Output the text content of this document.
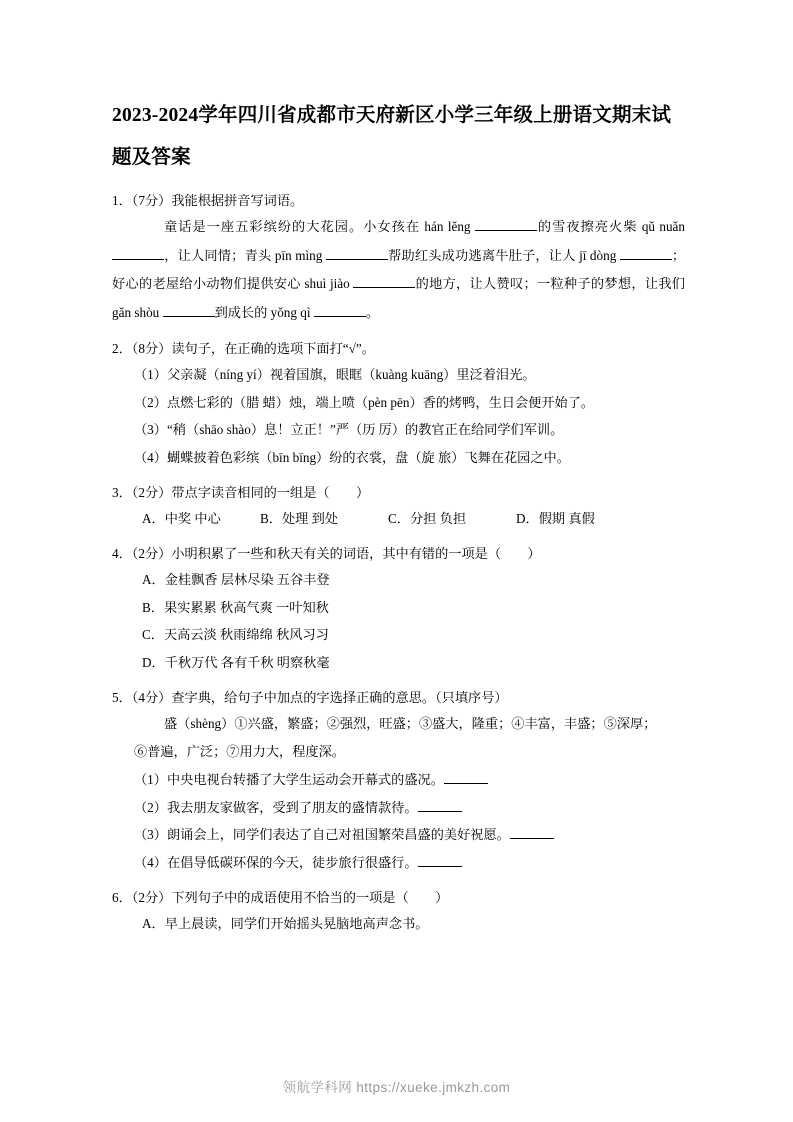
2023-2024学年四川省成都市天府新区小学三年级上册语文期末试题及答案
1．（7分）我能根据拼音写词语。
童话是一座五彩缤纷的大花园。小女孩在 hán lěng	的雪夜擦亮火柴 qǔ nuǎn ，让人同情；青头 pīn mìng	帮助红头成功逃离牛肚子，让人 jī dòng	；好心的老屋给小动物们提供安心 shuì jiào	的地方，让人赞叹；一粒种子的梦想，让我们gǎn shòu	到成长的 yǒng qì	。
2．（8分）读句子，在正确的选项下面打“√”。
（1）父亲凝（níng yí）视着国旗，眼眶（kuàng kuāng）里泛着泪光。
（2）点燃七彩的（腊 蜡）烛，端上喷（pèn pēn）香的烤鸭，生日会便开始了。
（3）“稍（shāo shào）息！立正！”严（历 厉）的教官正在给同学们军训。
（4）蝴蝶披着色彩缤（bīn bīng）纷的衣裳，盘（旋 旅）飞舞在花园之中。
3．（2分）带点字读音相同的一组是（　　）
A．中奖 中心	B．处理 到处	C．分担 负担	D．假期 真假
4．（2分）小明积累了一些和秋天有关的词语，其中有错的一项是（　　）
A．金桂飘香 层林尽染 五谷丰登
B．果实累累 秋高气爽 一叶知秋
C．天高云淡 秋雨绵绵 秋风习习
D．千秋万代 各有千秋 明察秋毫
5．（4分）查字典，给句子中加点的字选择正确的意思。（只填序号）
盛（shèng）①兴盛，繁盛；②强烈，旺盛；③盛大，隆重；④丰富，丰盛；⑤深厚；
⑥普遍，广泛；⑦用力大，程度深。
（1）中央电视台转播了大学生运动会开幕式的盛况。
（2）我去朋友家做客，受到了朋友的盛情款待。
（3）朗诵会上，同学们表达了自己对祖国繁荣昌盛的美好祝愿。
（4）在倡导低碳环保的今天，徒步旅行很盛行。
6．（2分）下列句子中的成语使用不恰当的一项是（　　）
A．早上晨读，同学们开始摇头晃脑地高声念书。
领航学科网 https://xueke.jmkzh.com
